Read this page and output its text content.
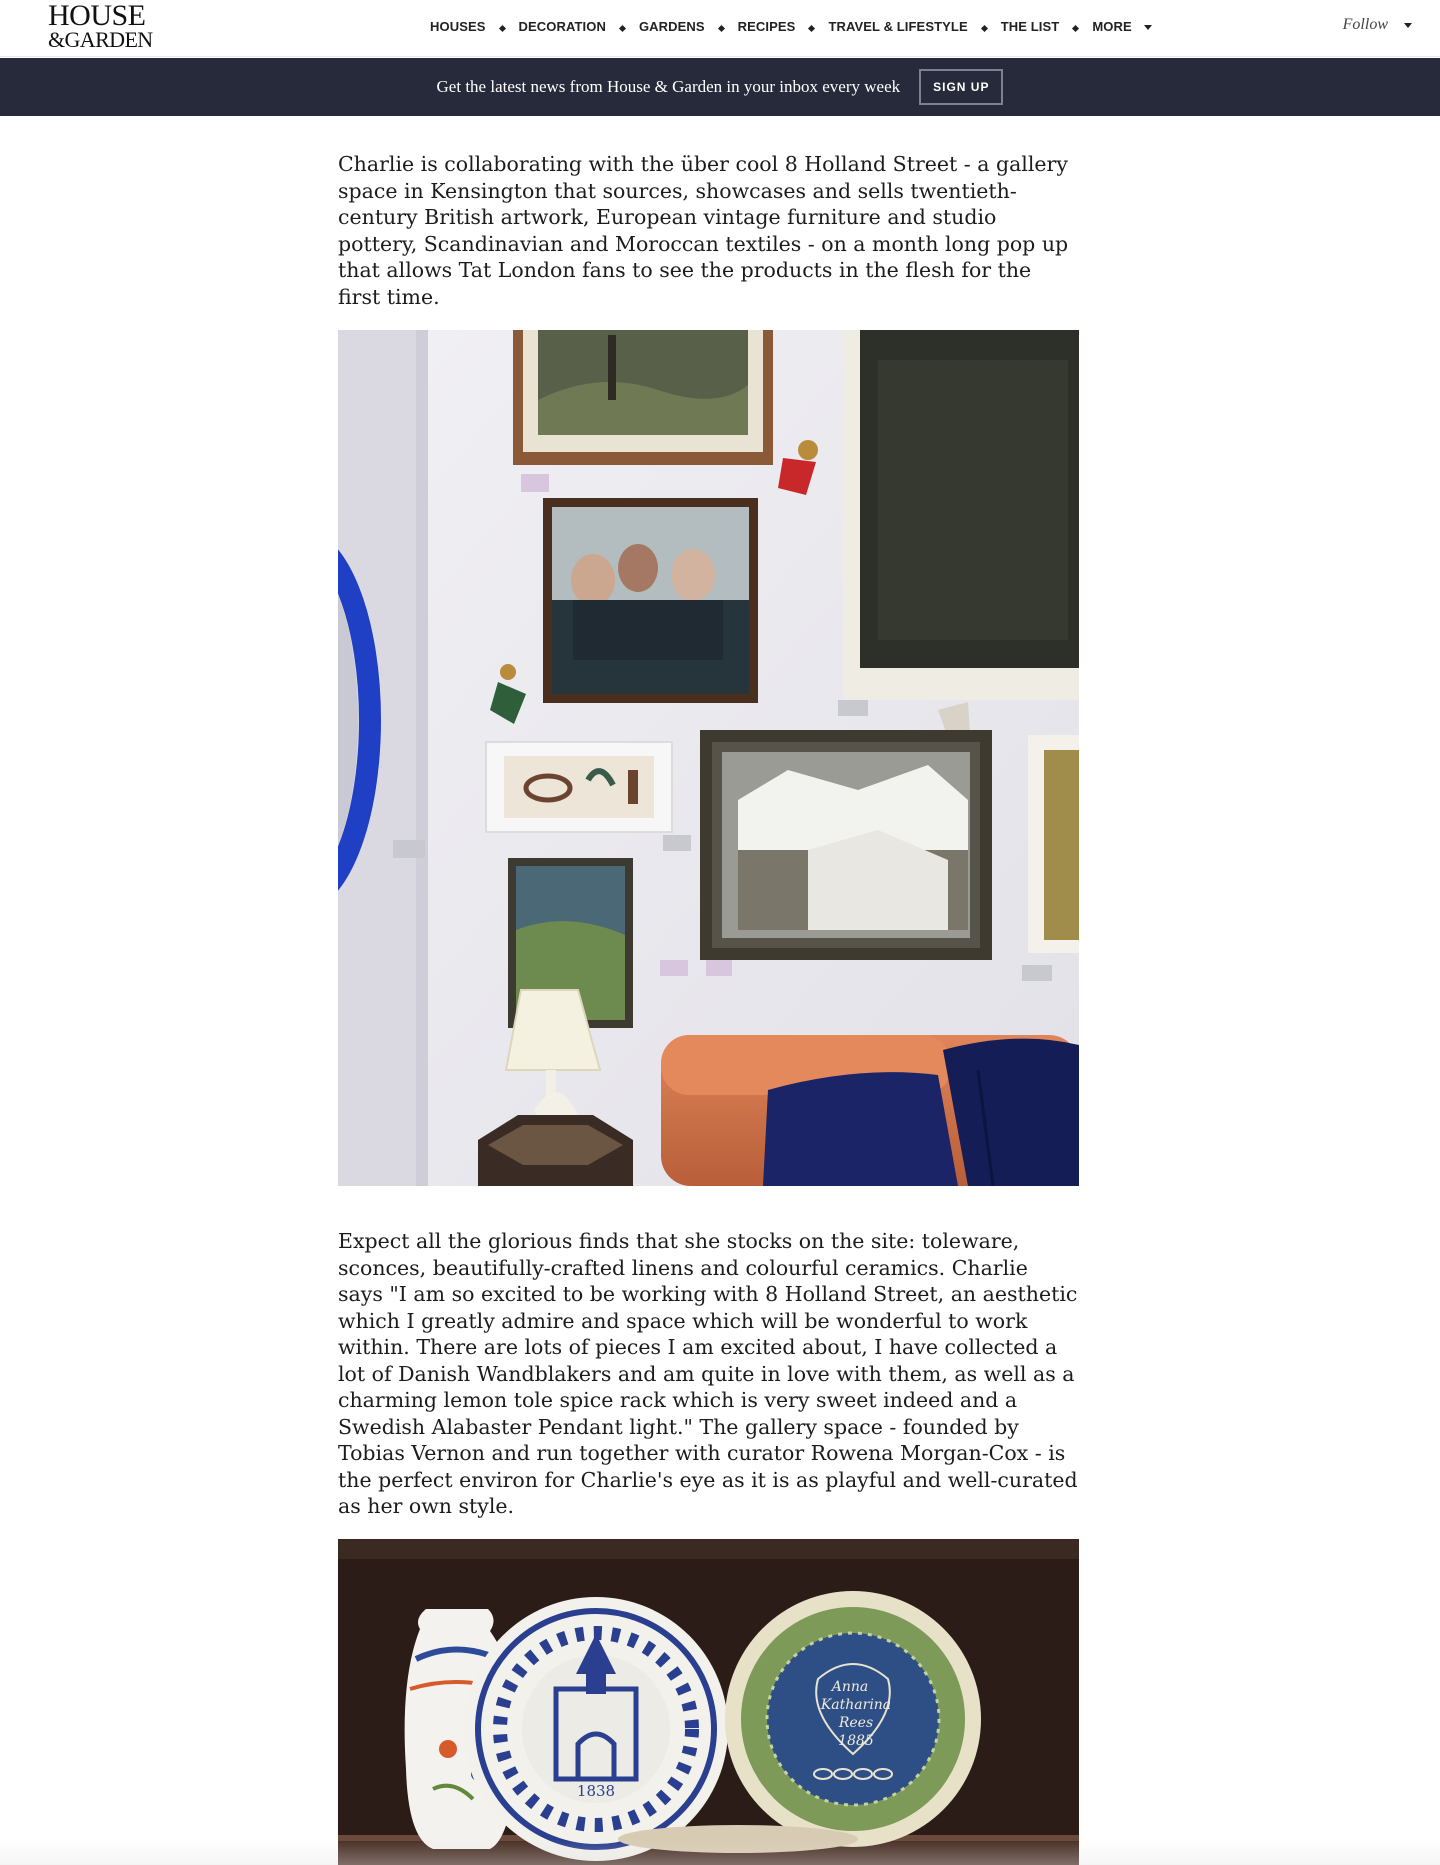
HOUSE
&GARDEN
HOUSES	DECORATION	GARDENS	RECIPES	TRAVEL & LIFESTYLE	THE LIST	MORE	Follow
Get the latest news from House & Garden in your inbox every week	SIGN UP

Charlie is collaborating with the über cool 8 Holland Street - a gallery space in Kensington that sources, showcases and sells twentieth-century British artwork, European vintage furniture and studio pottery, Scandinavian and Moroccan textiles - on a month long pop up that allows Tat London fans to see the products in the flesh for the first time.

Expect all the glorious finds that she stocks on the site: toleware, sconces, beautifully-crafted linens and colourful ceramics. Charlie says "I am so excited to be working with 8 Holland Street, an aesthetic which I greatly admire and space which will be wonderful to work within. There are lots of pieces I am excited about, I have collected a lot of Danish Wandblakers and am quite in love with them, as well as a charming lemon tole spice rack which is very sweet indeed and a Swedish Alabaster Pendant light." The gallery space - founded by Tobias Vernon and run together with curator Rowena Morgan-Cox - is the perfect environ for Charlie's eye as it is as playful and well-curated as her own style.

1838
Anna
Katharina
Rees
1885
